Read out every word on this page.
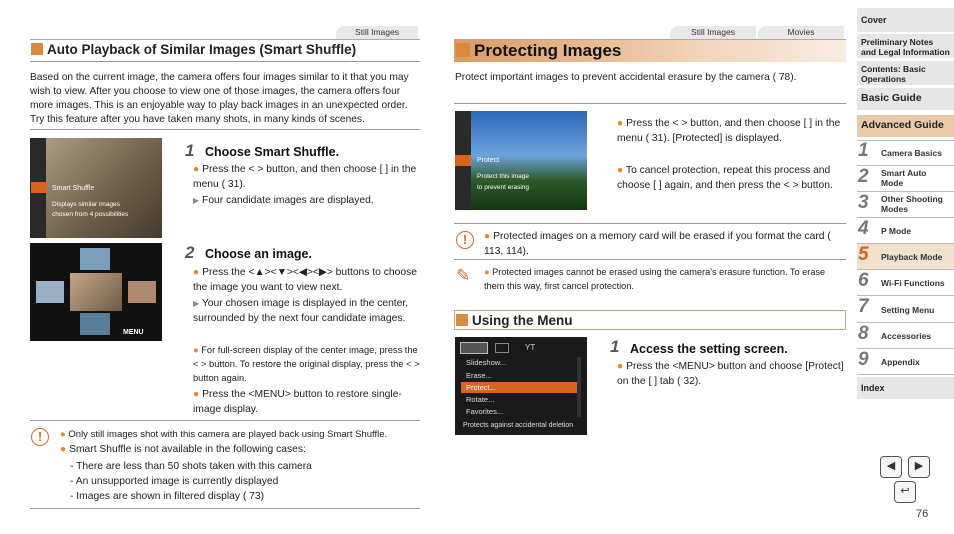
Still Images
Auto Playback of Similar Images (Smart Shuffle)
Based on the current image, the camera offers four images similar to it that you may wish to view. After you choose to view one of those images, the camera offers four more images. This is an enjoyable way to play back images in an unexpected order. Try this feature after you have taken many shots, in many kinds of scenes.
Smart Shuffle
Displays similar images
chosen from 4 possibilities
MENU
1 Choose Smart Shuffle.
● Press the < > button, and then choose [ ] in the menu ( 31).
▶ Four candidate images are displayed.
2 Choose an image.
● Press the <▲><▼><◀><▶> buttons to choose the image you want to view next.
▶ Your chosen image is displayed in the center, surrounded by the next four candidate images.
● For full-screen display of the center image, press the < > button. To restore the original display, press the < > button again.
● Press the <MENU> button to restore single-image display.
!	● Only still images shot with this camera are played back using Smart Shuffle.
● Smart Shuffle is not available in the following cases:
- There are less than 50 shots taken with this camera
- An unsupported image is currently displayed
- Images are shown in filtered display ( 73)
Still Images	Movies
Protecting Images
Protect important images to prevent accidental erasure by the camera ( 78).
Protect
Protect this image
to prevent erasing
● Press the < > button, and then choose [ ] in the menu ( 31). [Protected] is displayed.
● To cancel protection, repeat this process and choose [ ] again, and then press the < > button.
!	● Protected images on a memory card will be erased if you format the card ( 113, 114).
✎ ● Protected images cannot be erased using the camera's erasure function. To erase them this way, first cancel protection.
Using the Menu
YT
Slideshow...
Erase...
Protect...
Rotate...
Favorites...
Protects against accidental deletion
1 Access the setting screen.
● Press the <MENU> button and choose [Protect] on the [ ] tab ( 32).
Cover
Preliminary Notes and Legal Information
Contents: Basic Operations
Basic Guide
Advanced Guide
1	Camera Basics
2	Smart Auto Mode
3	Other Shooting Modes
4	P Mode
5	Playback Mode
6	Wi-Fi Functions
7	Setting Menu
8	Accessories
9	Appendix
Index
◀	▶
↩
76
